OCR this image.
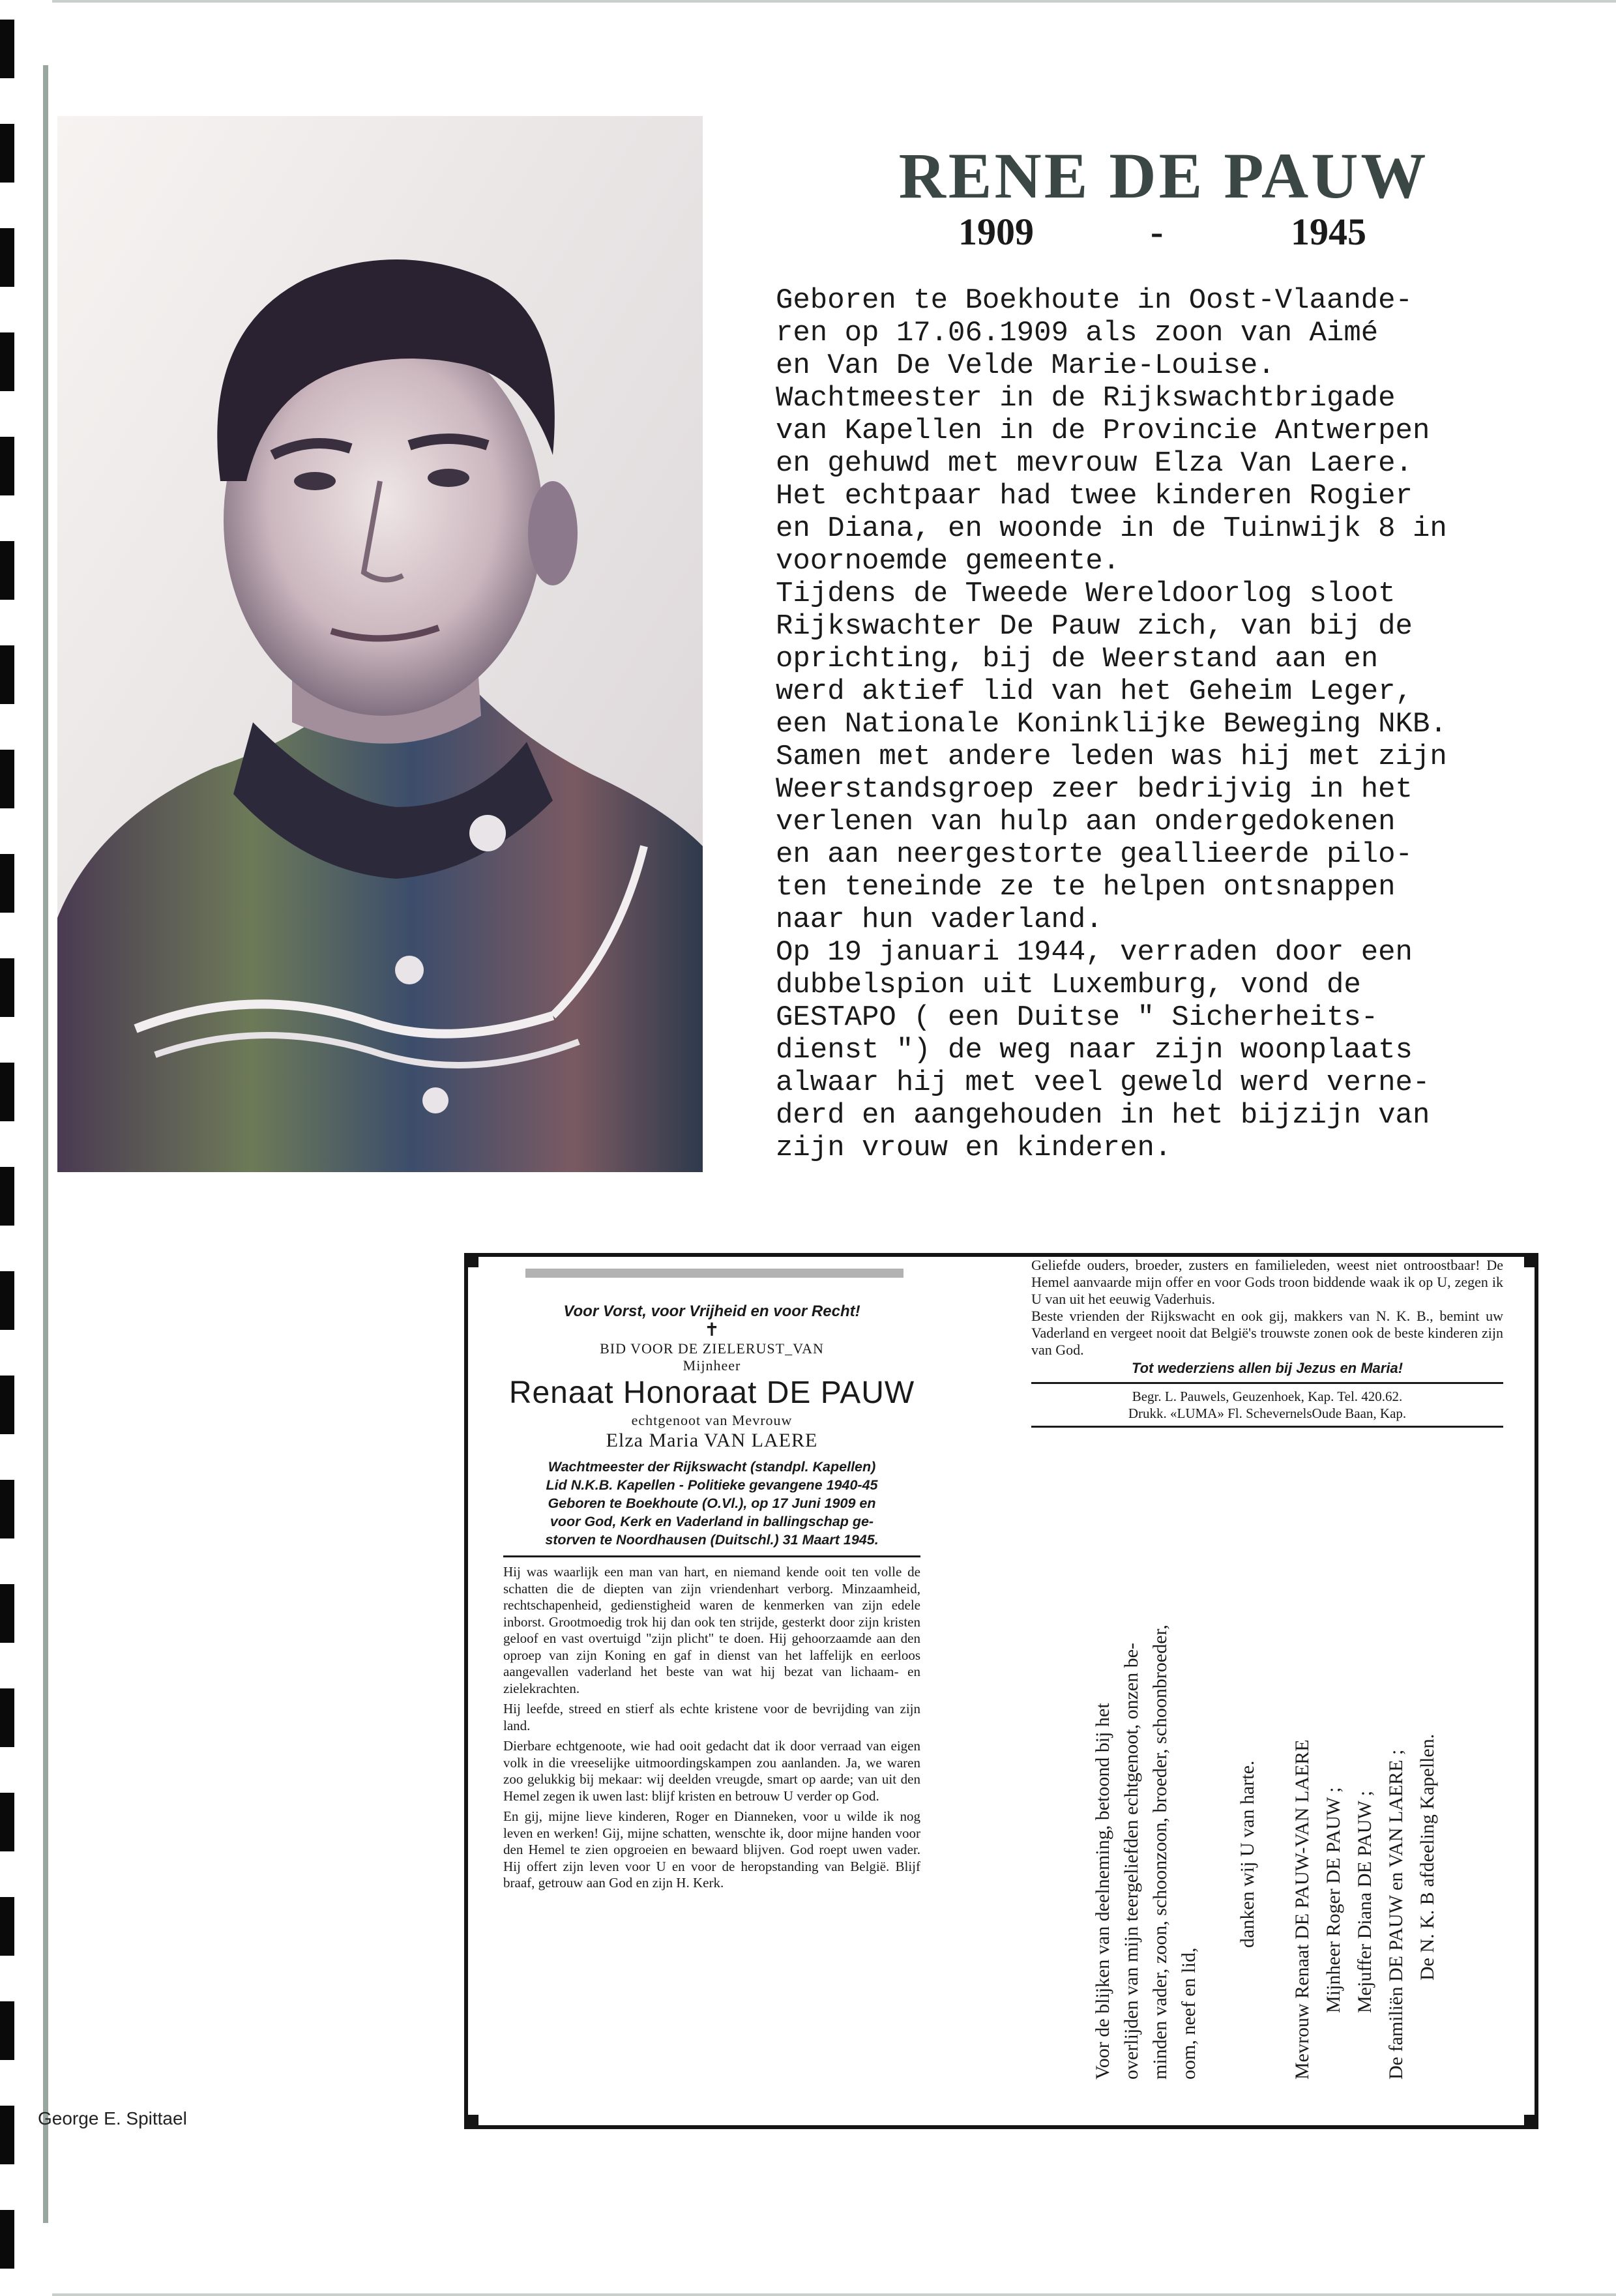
RENE DE PAUW
1909	-	1945
Geboren te Boekhoute in Oost-Vlaande-
ren op 17.06.1909 als zoon van Aimé
en Van De Velde Marie-Louise.
Wachtmeester in de Rijkswachtbrigade
van Kapellen in de Provincie Antwerpen
en gehuwd met mevrouw Elza Van Laere.
Het echtpaar had twee kinderen Rogier
en Diana, en woonde in de Tuinwijk 8 in
voornoemde gemeente.
Tijdens de Tweede Wereldoorlog sloot
Rijkswachter De Pauw zich, van bij de
oprichting, bij de Weerstand aan en
werd aktief lid van het Geheim Leger,
een Nationale Koninklijke Beweging NKB.
Samen met andere leden was hij met zijn
Weerstandsgroep zeer bedrijvig in het
verlenen van hulp aan ondergedokenen
en aan neergestorte geallieerde pilo-
ten teneinde ze te helpen ontsnappen
naar hun vaderland.
Op 19 januari 1944, verraden door een
dubbelspion uit Luxemburg, vond de
GESTAPO ( een Duitse " Sicherheits-
dienst ") de weg naar zijn woonplaats
alwaar hij met veel geweld werd verne-
derd en aangehouden in het bijzijn van
zijn vrouw en kinderen.
Voor Vorst, voor Vrijheid en voor Recht!
✝
BID VOOR DE ZIELERUST_VAN
Mijnheer
Renaat Honoraat DE PAUW
echtgenoot van Mevrouw
Elza Maria VAN LAERE
Wachtmeester der Rijkswacht (standpl. Kapellen)
Lid N.K.B. Kapellen - Politieke gevangene 1940-45
Geboren te Boekhoute (O.Vl.), op 17 Juni 1909 en
voor God, Kerk en Vaderland in ballingschap ge-
storven te Noordhausen (Duitschl.) 31 Maart 1945.

Hij was waarlijk een man van hart, en niemand kende ooit ten volle de schatten die de diepten van zijn vriendenhart verborg. Minzaamheid, rechtschapenheid, gedienstigheid waren de kenmerken van zijn edele inborst. Grootmoedig trok hij dan ook ten strijde, gesterkt door zijn kristen geloof en vast overtuigd "zijn plicht" te doen. Hij gehoorzaamde aan den oproep van zijn Koning en gaf in dienst van het laffelijk en eerloos aangevallen vaderland het beste van wat hij bezat van lichaam- en zielekrachten.

Hij leefde, streed en stierf als echte kristene voor de bevrijding van zijn land.

Dierbare echtgenoote, wie had ooit gedacht dat ik door verraad van eigen volk in die vreeselijke uitmoordingskampen zou aanlanden. Ja, we waren zoo gelukkig bij mekaar: wij deelden vreugde, smart op aarde; van uit den Hemel zegen ik uwen last: blijf kristen en betrouw U verder op God.

En gij, mijne lieve kinderen, Roger en Dianneken, voor u wilde ik nog leven en werken! Gij, mijne schatten, wenschte ik, door mijne handen voor den Hemel te zien opgroeien en bewaard blijven. God roept uwen vader. Hij offert zijn leven voor U en voor de heropstanding van België. Blijf braaf, getrouw aan God en zijn H. Kerk.

Geliefde ouders, broeder, zusters en familieleden, weest niet ontroostbaar! De Hemel aanvaarde mijn offer en voor Gods troon biddende waak ik op U, zegen ik U van uit het eeuwig Vaderhuis.
Beste vrienden der Rijkswacht en ook gij, makkers van N. K. B., bemint uw Vaderland en vergeet nooit dat België's trouwste zonen ook de beste kinderen zijn van God.
Tot wederziens allen bij Jezus en Maria!
Begr. L. Pauwels, Geuzenhoek, Kap. Tel. 420.62.
Drukk. «LUMA» Fl. SchevernelsOude Baan, Kap.
Voor de blijken van deelneming, betoond bij het overlijden van mijn teergeliefden echtgenoot, onzen be- minden vader, zoon, schoonzoon, broeder, schoonbroeder, oom, neef en lid,
danken wij U van harte. Mevrouw Renaat DE PAUW-VAN LAERE Mijnheer Roger DE PAUW ; Mejuffer Diana DE PAUW ; De familiën DE PAUW en VAN LAERE ; De N. K. B afdeeling Kapellen.
George E. Spittael
